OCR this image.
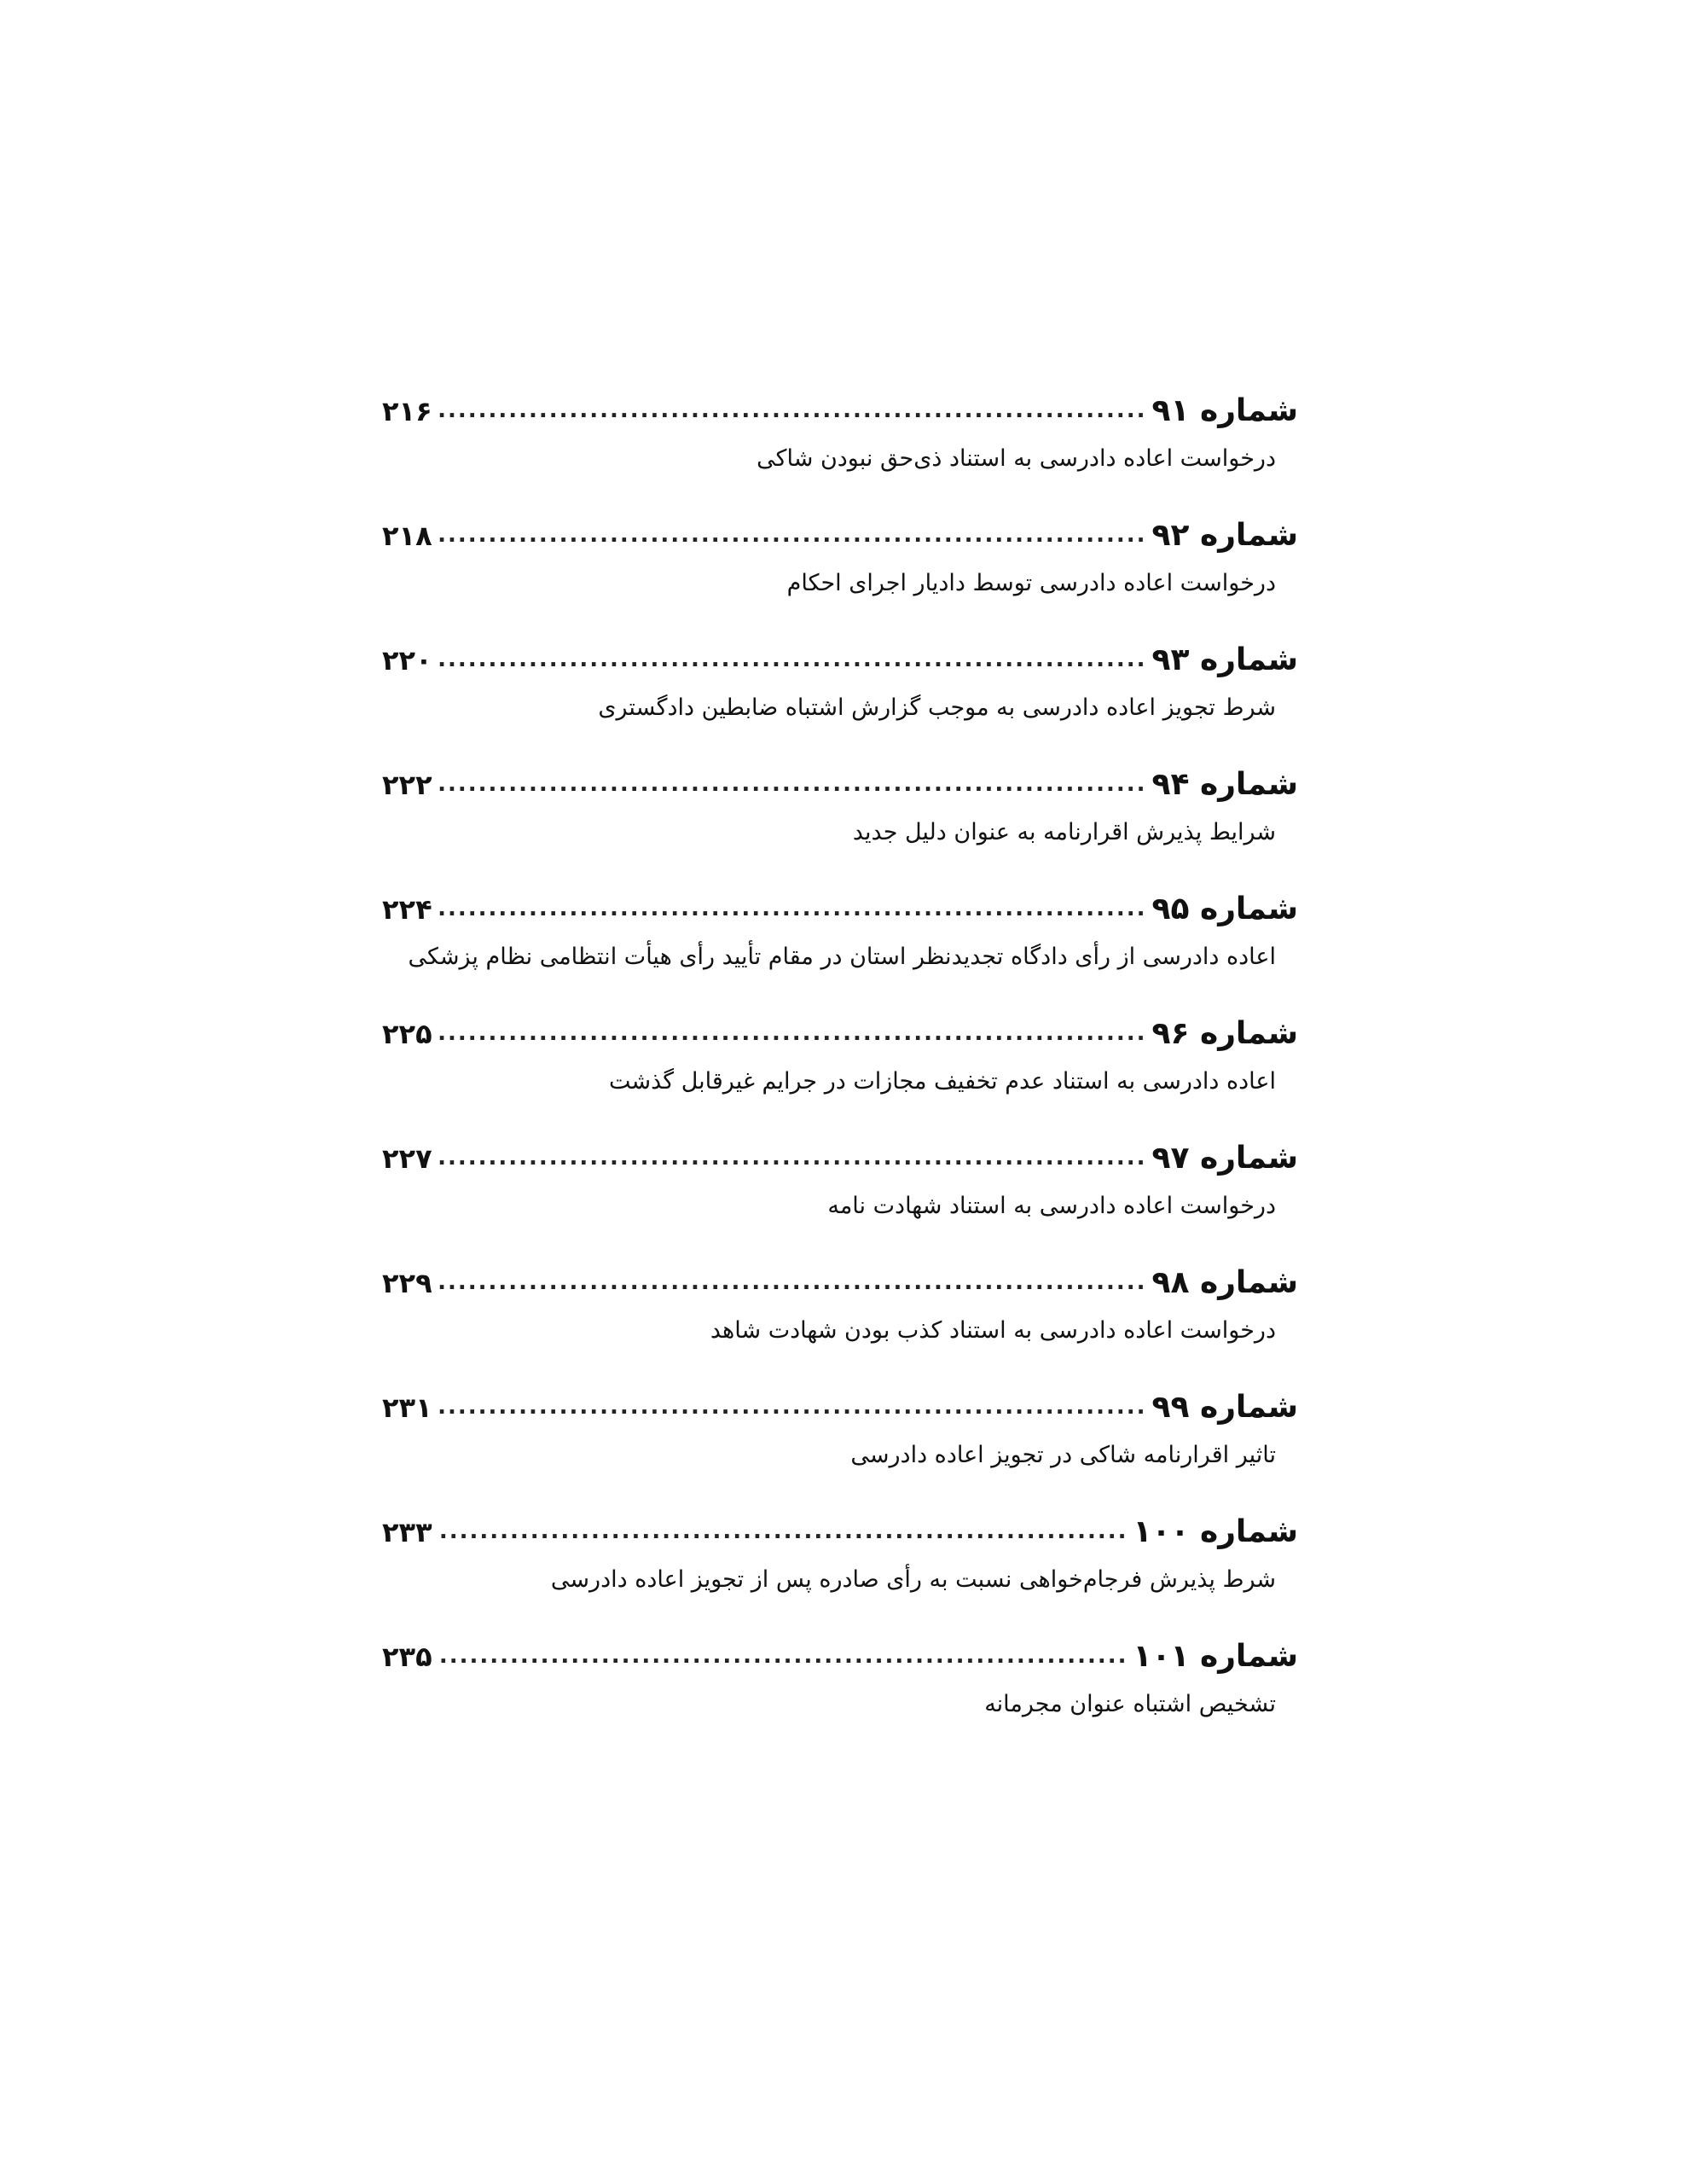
شماره ۹۱
.....
۲۱۶
درخواست اعاده دادرسی به استناد ذی‌حق نبودن شاکی
شماره ۹۲
.....
۲۱۸
درخواست اعاده دادرسی توسط دادیار اجرای احکام
شماره ۹۳
.....
۲۲۰
شرط تجویز اعاده دادرسی به موجب گزارش اشتباه ضابطین دادگستری
شماره ۹۴
.....
۲۲۲
شرایط پذیرش اقرارنامه به عنوان دلیل جدید
شماره ۹۵
.....
۲۲۴
اعاده دادرسی از رأی دادگاه تجدیدنظر استان در مقام تأیید رأی هیأت انتظامی نظام پزشکی
شماره ۹۶
.....
۲۲۵
اعاده دادرسی به استناد عدم تخفیف مجازات در جرایم غیرقابل گذشت
شماره ۹۷
.....
۲۲۷
درخواست اعاده دادرسی به استناد شهادت نامه
شماره ۹۸
.....
۲۲۹
درخواست اعاده دادرسی به استناد کذب بودن شهادت شاهد
شماره ۹۹
.....
۲۳۱
تاثیر اقرارنامه شاکی در تجویز اعاده دادرسی
شماره ۱۰۰
.....
۲۳۳
شرط پذیرش فرجام‌خواهی نسبت به رأی صادره پس از تجویز اعاده دادرسی
شماره ۱۰۱
.....
۲۳۵
تشخیص اشتباه عنوان مجرمانه
